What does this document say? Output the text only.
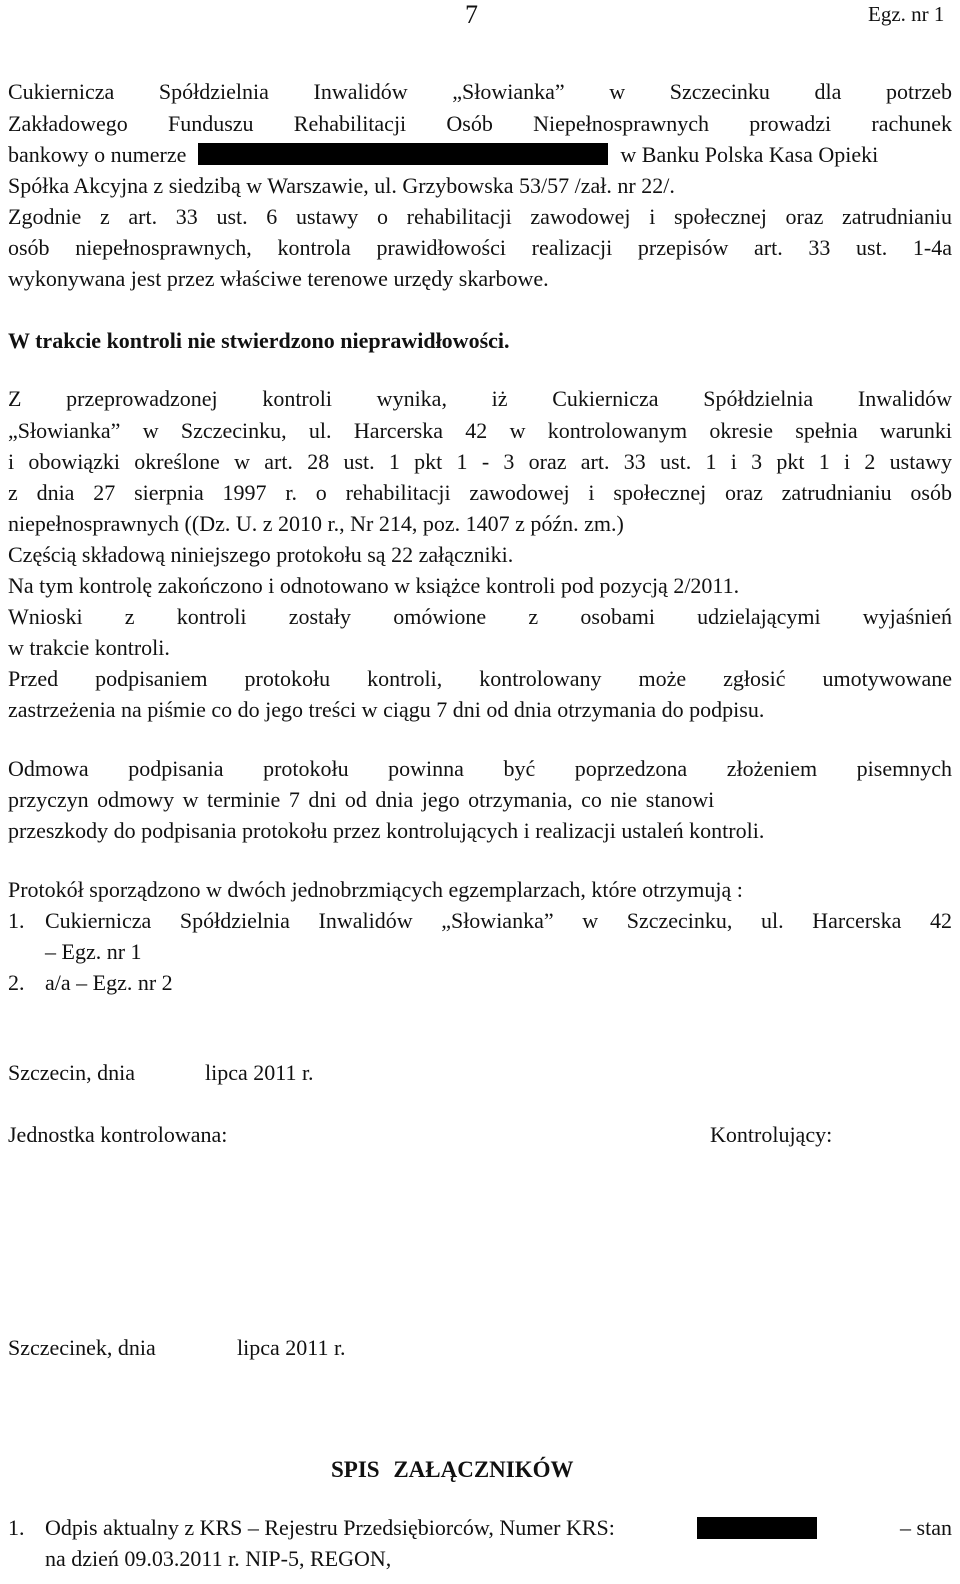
7	Egz. nr 1
Cukiernicza Spółdzielnia Inwalidów „Słowianka” w Szczecinku dla potrzeb
Zakładowego Funduszu Rehabilitacji Osób Niepełnosprawnych prowadzi rachunek
bankowy o numerze	w Banku Polska Kasa Opieki
Spółka Akcyjna z siedzibą w Warszawie, ul. Grzybowska 53/57 /zał. nr 22/.
Zgodnie z art. 33 ust. 6 ustawy o rehabilitacji zawodowej i społecznej oraz zatrudnianiu
osób niepełnosprawnych, kontrola prawidłowości realizacji przepisów art. 33 ust. 1-4a
wykonywana jest przez właściwe terenowe urzędy skarbowe.
W trakcie kontroli nie stwierdzono nieprawidłowości.
Z przeprowadzonej kontroli wynika, iż Cukiernicza Spółdzielnia Inwalidów
„Słowianka” w Szczecinku, ul. Harcerska 42 w kontrolowanym okresie spełnia warunki
i obowiązki określone w art. 28 ust. 1 pkt 1 - 3 oraz art. 33 ust. 1 i 3 pkt 1 i 2 ustawy
z dnia 27 sierpnia 1997 r. o rehabilitacji zawodowej i społecznej oraz zatrudnianiu osób
niepełnosprawnych ((Dz. U. z 2010 r., Nr 214, poz. 1407 z późn. zm.)
Częścią składową niniejszego protokołu są 22 załączniki.
Na tym kontrolę zakończono i odnotowano w książce kontroli pod pozycją 2/2011.
Wnioski z kontroli zostały omówione z osobami udzielającymi wyjaśnień
w trakcie kontroli.
Przed podpisaniem protokołu kontroli, kontrolowany może zgłosić umotywowane
zastrzeżenia na piśmie co do jego treści w ciągu 7 dni od dnia otrzymania do podpisu.
Odmowa podpisania protokołu powinna być poprzedzona złożeniem pisemnych
przyczyn odmowy w terminie 7 dni od dnia jego otrzymania, co nie stanowi
przeszkody do podpisania protokołu przez kontrolujących i realizacji ustaleń kontroli.
Protokół sporządzono w dwóch jednobrzmiących egzemplarzach, które otrzymują :
1. Cukiernicza Spółdzielnia Inwalidów „Słowianka” w Szczecinku, ul. Harcerska 42
– Egz. nr 1
2. a/a – Egz. nr 2
Szczecin, dnia	lipca 2011 r.
Jednostka kontrolowana:	Kontrolujący:
Szczecinek, dnia	lipca 2011 r.
SPIS ZAŁĄCZNIKÓW
1. Odpis aktualny z KRS – Rejestru Przedsiębiorców, Numer KRS:	– stan
na dzień 09.03.2011 r. NIP-5, REGON,
